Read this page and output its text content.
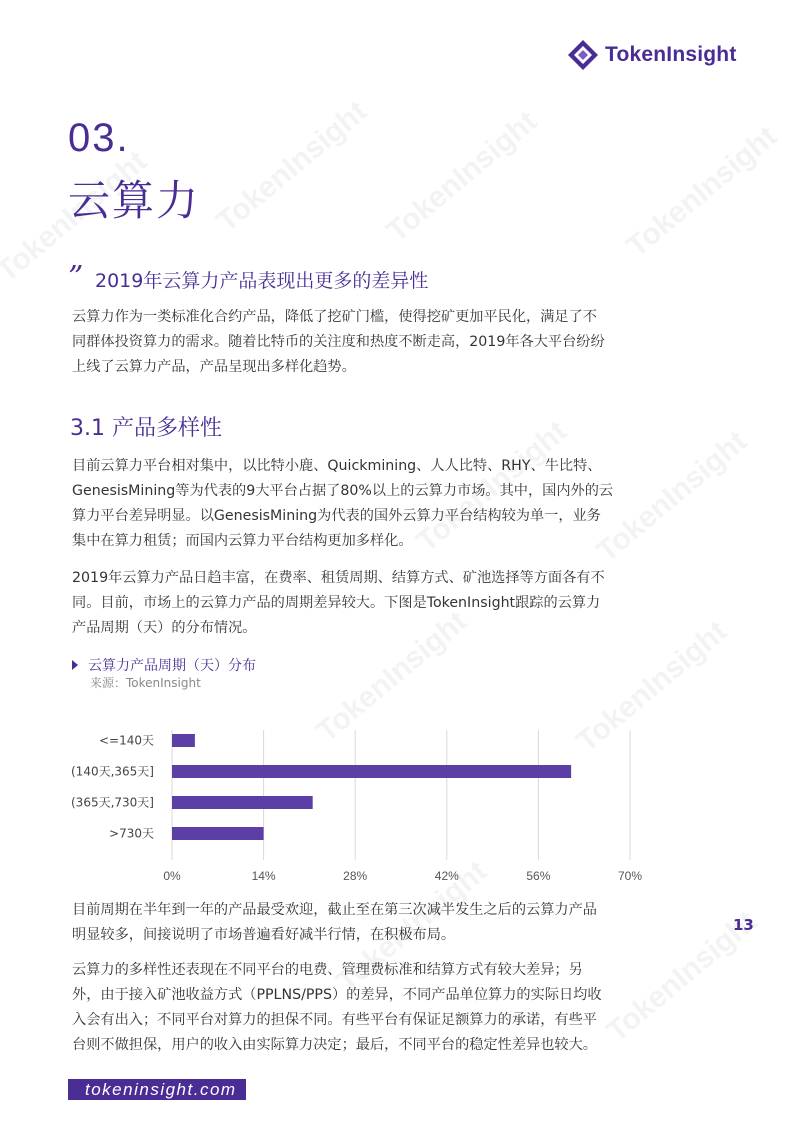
TokenInsight
03.
云算力
” 2019年云算力产品表现出更多的差异性
云算力作为一类标准化合约产品，降低了挖矿门槛，使得挖矿更加平民化，满足了不
同群体投资算力的需求。随着比特币的关注度和热度不断走高，2019年各大平台纷纷
上线了云算力产品，产品呈现出多样化趋势。
3.1 产品多样性
目前云算力平台相对集中，以比特小鹿、Quickmining、人人比特、RHY、牛比特、
GenesisMining等为代表的9大平台占据了80%以上的云算力市场。其中，国内外的云
算力平台差异明显。以GenesisMining为代表的国外云算力平台结构较为单一，业务
集中在算力租赁；而国内云算力平台结构更加多样化。
2019年云算力产品日趋丰富，在费率、租赁周期、结算方式、矿池选择等方面各有不
同。目前，市场上的云算力产品的周期差异较大。下图是TokenInsight跟踪的云算力
产品周期（天）的分布情况。
云算力产品周期（天）分布
来源：TokenInsight
0%	14%	28%	42%	56%	70%
<=140天
(140天,365天]
(365天,730天]
>730天
目前周期在半年到一年的产品最受欢迎，截止至在第三次减半发生之后的云算力产品
明显较多，间接说明了市场普遍看好减半行情，在积极布局。
13
云算力的多样性还表现在不同平台的电费、管理费标准和结算方式有较大差异；另
外，由于接入矿池收益方式（PPLNS/PPS）的差异，不同产品单位算力的实际日均收
入会有出入；不同平台对算力的担保不同。有些平台有保证足额算力的承诺，有些平
台则不做担保，用户的收入由实际算力决定；最后，不同平台的稳定性差异也较大。
tokeninsight.com
